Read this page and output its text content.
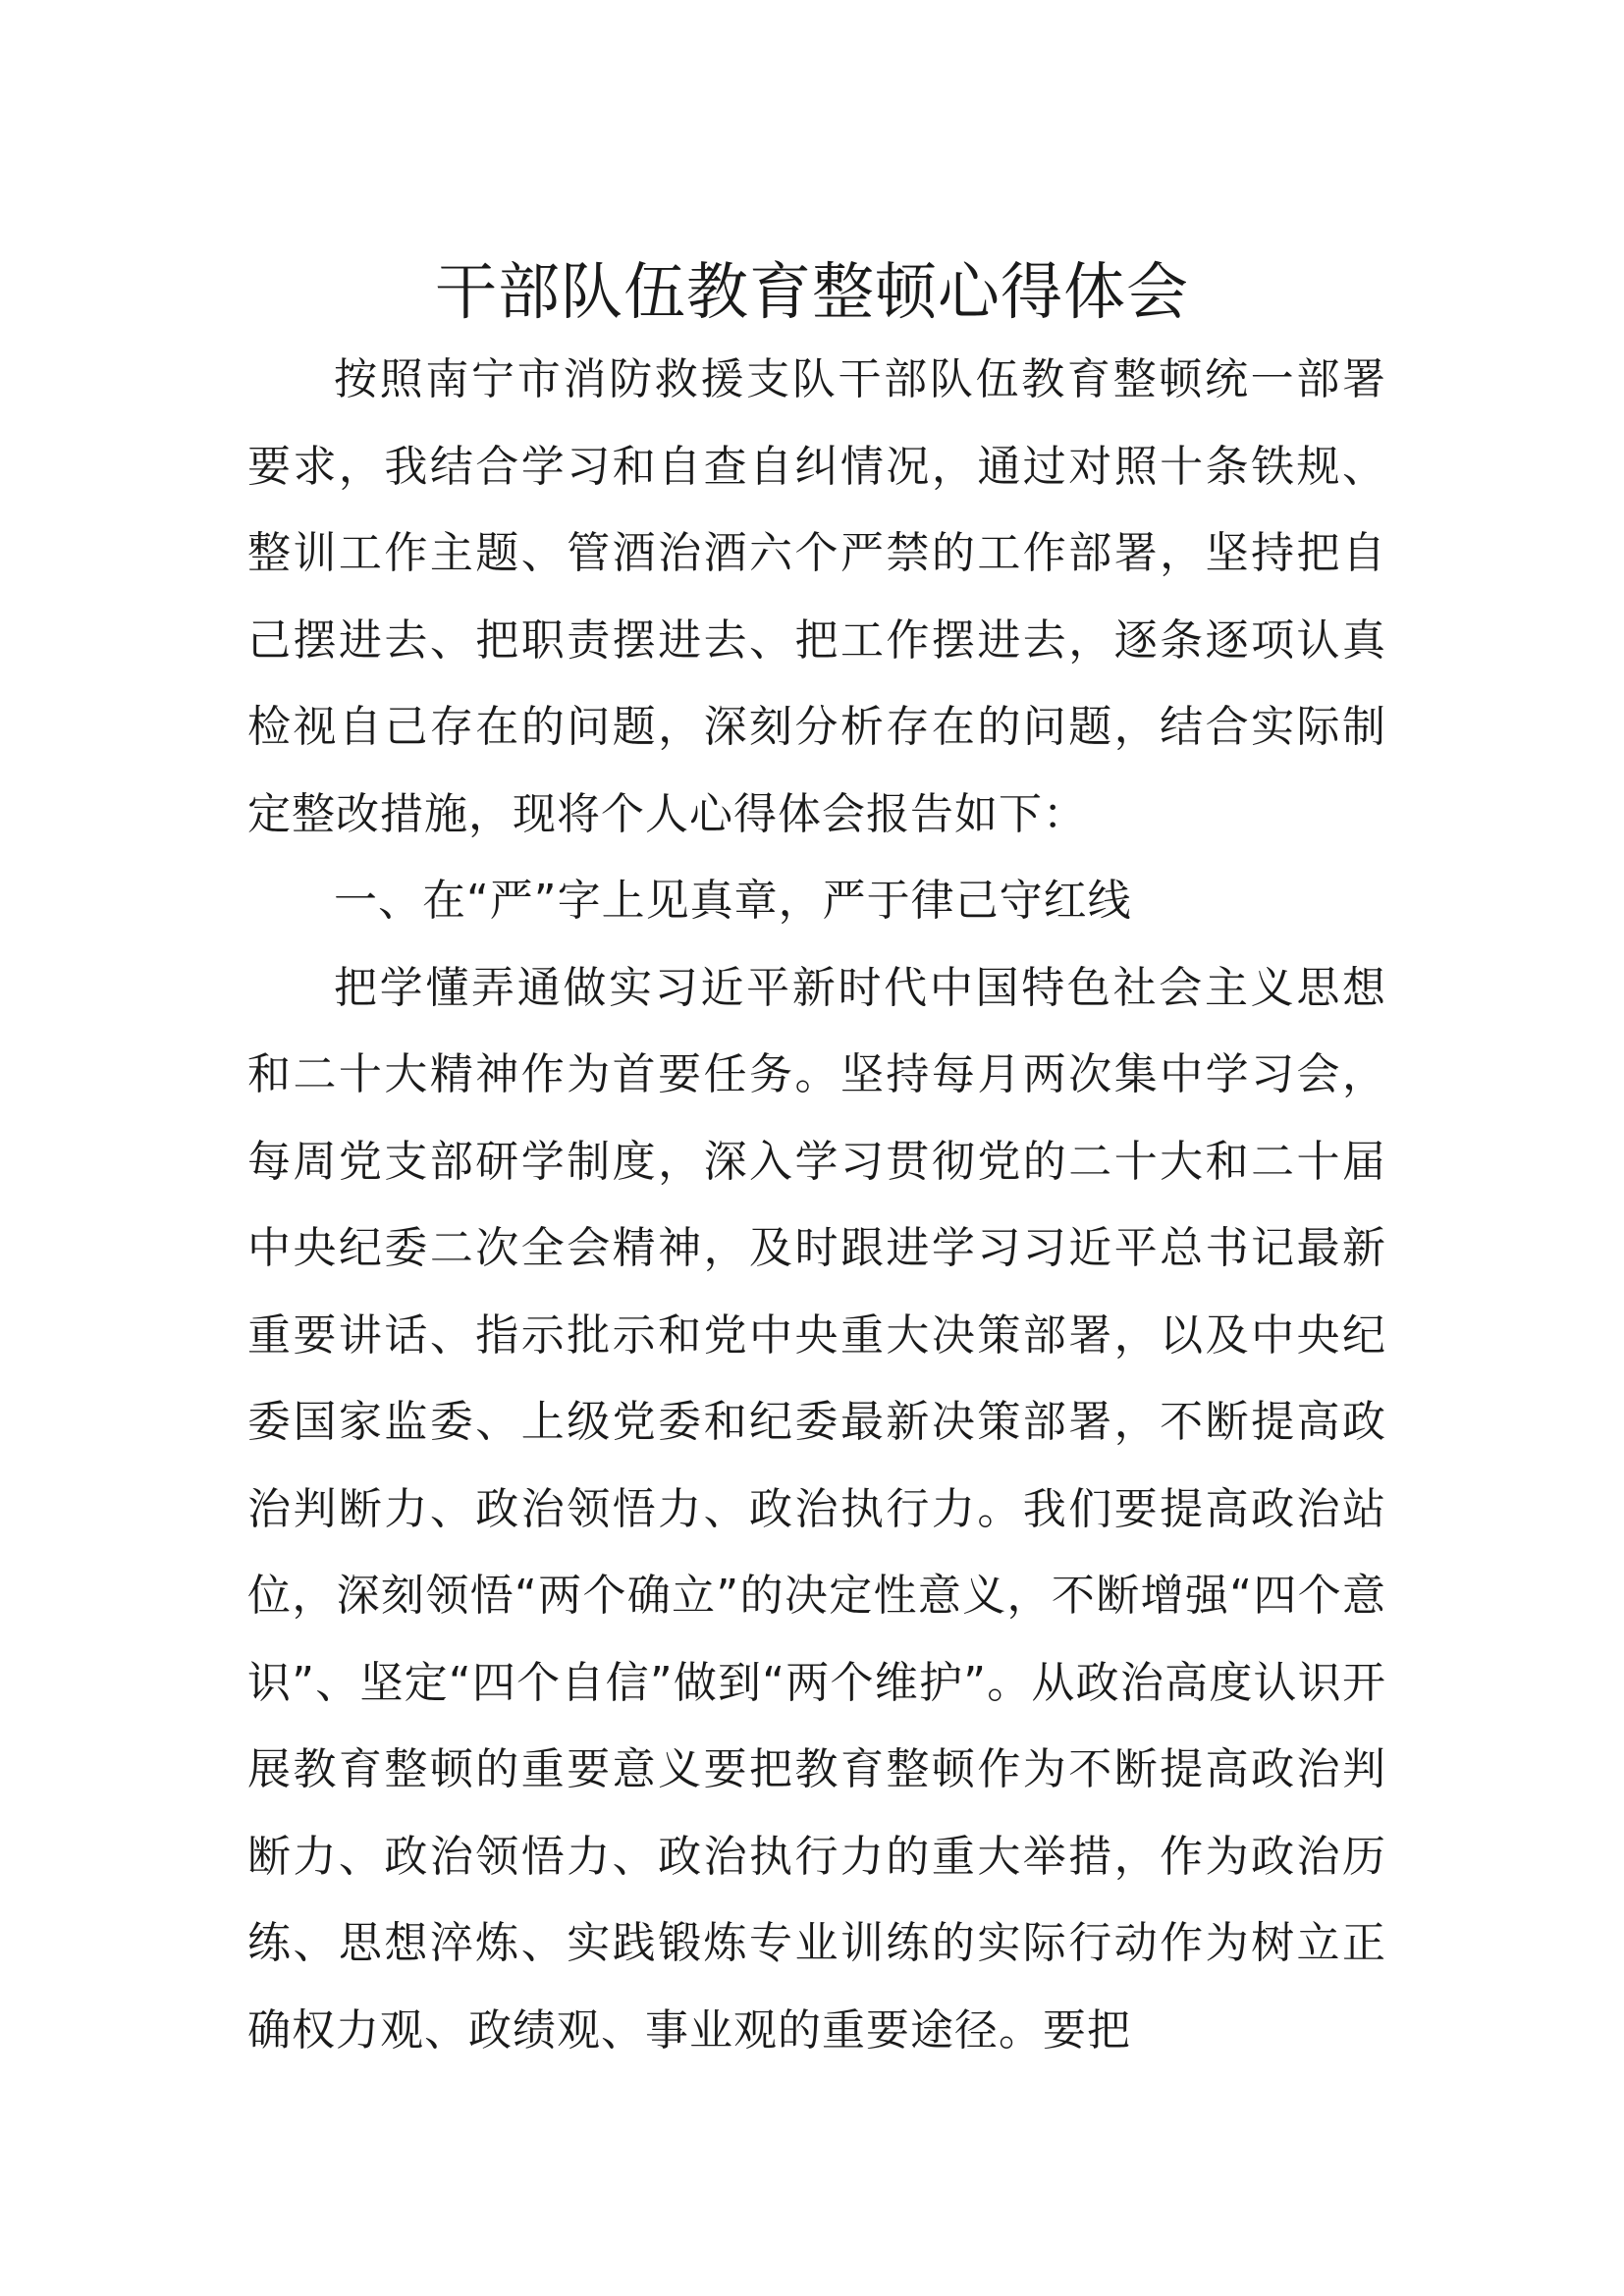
干部队伍教育整顿心得体会

按照南宁市消防救援支队干部队伍教育整顿统一部署要求，我结合学习和自查自纠情况，通过对照十条铁规、整训工作主题、管酒治酒六个严禁的工作部署，坚持把自己摆进去、把职责摆进去、把工作摆进去，逐条逐项认真检视自己存在的问题，深刻分析存在的问题，结合实际制定整改措施，现将个人心得体会报告如下：

一、在“严”字上见真章，严于律己守红线

把学懂弄通做实习近平新时代中国特色社会主义思想和二十大精神作为首要任务。坚持每月两次集中学习会，每周党支部研学制度，深入学习贯彻党的二十大和二十届中央纪委二次全会精神，及时跟进学习习近平总书记最新重要讲话、指示批示和党中央重大决策部署，以及中央纪委国家监委、上级党委和纪委最新决策部署，不断提高政治判断力、政治领悟力、政治执行力。我们要提高政治站位，深刻领悟“两个确立”的决定性意义，不断增强“四个意识”、坚定“四个自信”做到“两个维护”。从政治高度认识开展教育整顿的重要意义要把教育整顿作为不断提高政治判断力、政治领悟力、政治执行力的重大举措，作为政治历练、思想淬炼、实践锻炼专业训练的实际行动作为树立正确权力观、政绩观、事业观的重要途径。要把
